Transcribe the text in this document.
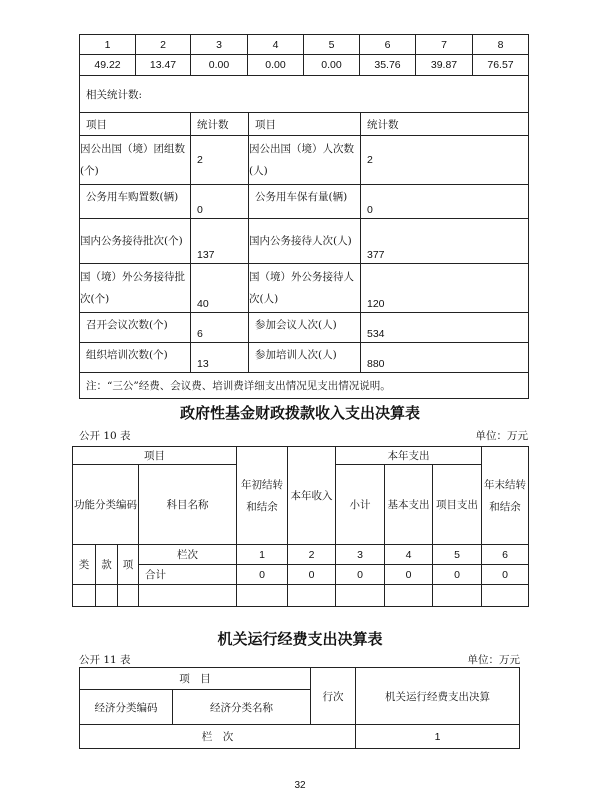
1	2	3	4	5	6	7	8
49.22	13.47	0.00	0.00	0.00	35.76	39.87	76.57
相关统计数:			
项目	统计数	项目	统计数
因公出国（境）团组数(个)	2	因公出国（境）人次数(人)	2
公务用车购置数(辆)	0	公务用车保有量(辆)	0
国内公务接待批次(个)	137	国内公务接待人次(人)	377
国（境）外公务接待批次(个)	40	国（境）外公务接待人次(人)	120
召开会议次数(个)	6	参加会议人次(人)	534
组织培训次数(个)	13	参加培训人次(人)	880
注：“三公”经费、会议费、培训费详细支出情况见支出情况说明。			
政府性基金财政拨款收入支出决算表
公开 10 表	单位：万元
项目				年初结转和结余	本年收入	本年支出			年末结转和结余
功能分类编码			科目名称			小计	基本支出	项目支出	

类	款	项	栏次	1	2	3	4	5	6
			合计	0	0	0	0	0	0

机关运行经费支出决算表
公开 11 表	单位：万元
项　目		行次	机关运行经费支出决算
经济分类编码	经济分类名称		
栏　次			1
32
